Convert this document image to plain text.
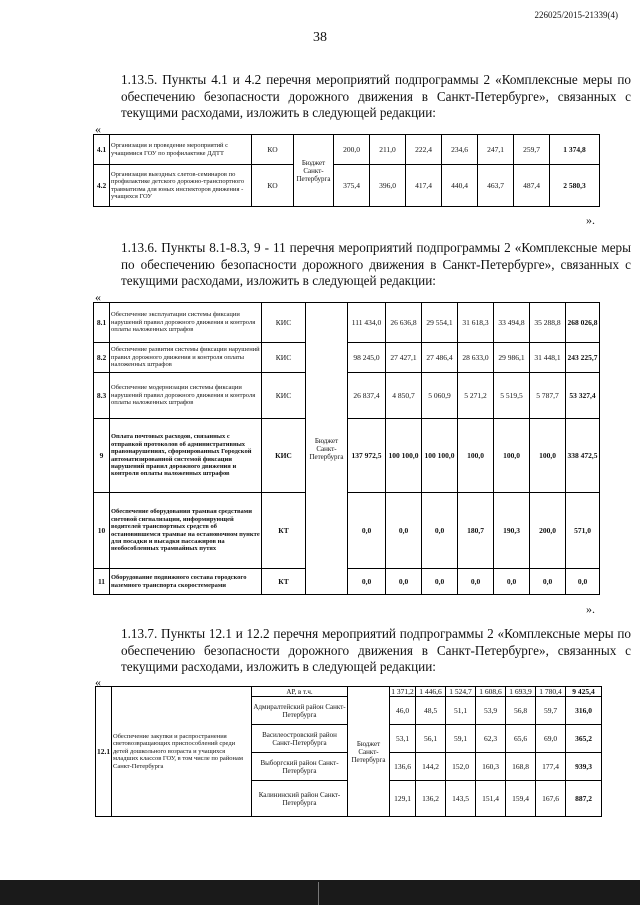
226025/2015-21339(4)
38
1.13.5. Пункты 4.1 и 4.2 перечня мероприятий подпрограммы 2 «Комплексные меры по обеспечению безопасности дорожного движения в Санкт-Петербурге», связанных с текущими расходами, изложить в следующей редакции:
«
4.1	Организация и проведение мероприятий с учащимися ГОУ по профилактике ДДТТ	КО	Бюджет Санкт-Петербурга	200,0	211,0	222,4	234,6	247,1	259,7	1 374,8
4.2	Организация выездных слетов-семинаров по профилактике детского дорожно-транспортного травматизма для юных инспекторов движения - учащихся ГОУ	КО		375,4	396,0	417,4	440,4	463,7	487,4	2 580,3
».
1.13.6. Пункты 8.1-8.3, 9 - 11 перечня мероприятий подпрограммы 2 «Комплексные меры по обеспечению безопасности дорожного движения в Санкт-Петербурге», связанных с текущими расходами, изложить в следующей редакции:
«
8.1	Обеспечение эксплуатации системы фиксации нарушений правил дорожного движения и контроля оплаты наложенных штрафов	КИС	Бюджет Санкт-Петербурга	111 434,0	26 636,8	29 554,1	31 618,3	33 494,8	35 288,8	268 026,8
8.2	Обеспечение развития системы фиксации нарушений правил дорожного движения и контроля оплаты наложенных штрафов	КИС		98 245,0	27 427,1	27 486,4	28 633,0	29 986,1	31 448,1	243 225,7
8.3	Обеспечение модернизации системы фиксации нарушений правил дорожного движения и контроля оплаты наложенных штрафов	КИС		26 837,4	4 850,7	5 060,9	5 271,2	5 519,5	5 787,7	53 327,4
9	Оплата почтовых расходов, связанных с отправкой протоколов об административных правонарушениях, сформированных Городской автоматизированной системой фиксации нарушений правил дорожного движения и контроля оплаты наложенных штрафов	КИС		137 972,5	100 100,0	100 100,0	100,0	100,0	100,0	338 472,5
10	Обеспечение оборудования трамвая средствами световой сигнализации, информирующей водителей транспортных средств об остановившемся трамвае на остановочном пункте для посадки и высадки пассажиров на необособленных трамвайных путях	КТ		0,0	0,0	0,0	180,7	190,3	200,0	571,0
11	Оборудование подвижного состава городского наземного транспорта скоростемерами	КТ		0,0	0,0	0,0	0,0	0,0	0,0	0,0
».
1.13.7. Пункты 12.1 и 12.2 перечня мероприятий подпрограммы 2 «Комплексные меры по обеспечению безопасности дорожного движения в Санкт-Петербурге», связанных с текущими расходами, изложить в следующей редакции:
«
12.1	Обеспечение закупки и распространения световозвращающих приспособлений среди детей дошкольного возраста и учащихся младших классов ГОУ, в том числе по районам Санкт-Петербурга	АР, в т.ч.	Бюджет Санкт-Петербурга	1 371,2	1 446,6	1 524,7	1 608,6	1 693,9	1 780,4	9 425,4
		Адмиралтейский район Санкт-Петербурга		46,0	48,5	51,1	53,9	56,8	59,7	316,0
		Василеостровский район Санкт-Петербурга		53,1	56,1	59,1	62,3	65,6	69,0	365,2
		Выборгский район Санкт-Петербурга		136,6	144,2	152,0	160,3	168,8	177,4	939,3
		Калининский район Санкт-Петербурга		129,1	136,2	143,5	151,4	159,4	167,6	887,2
